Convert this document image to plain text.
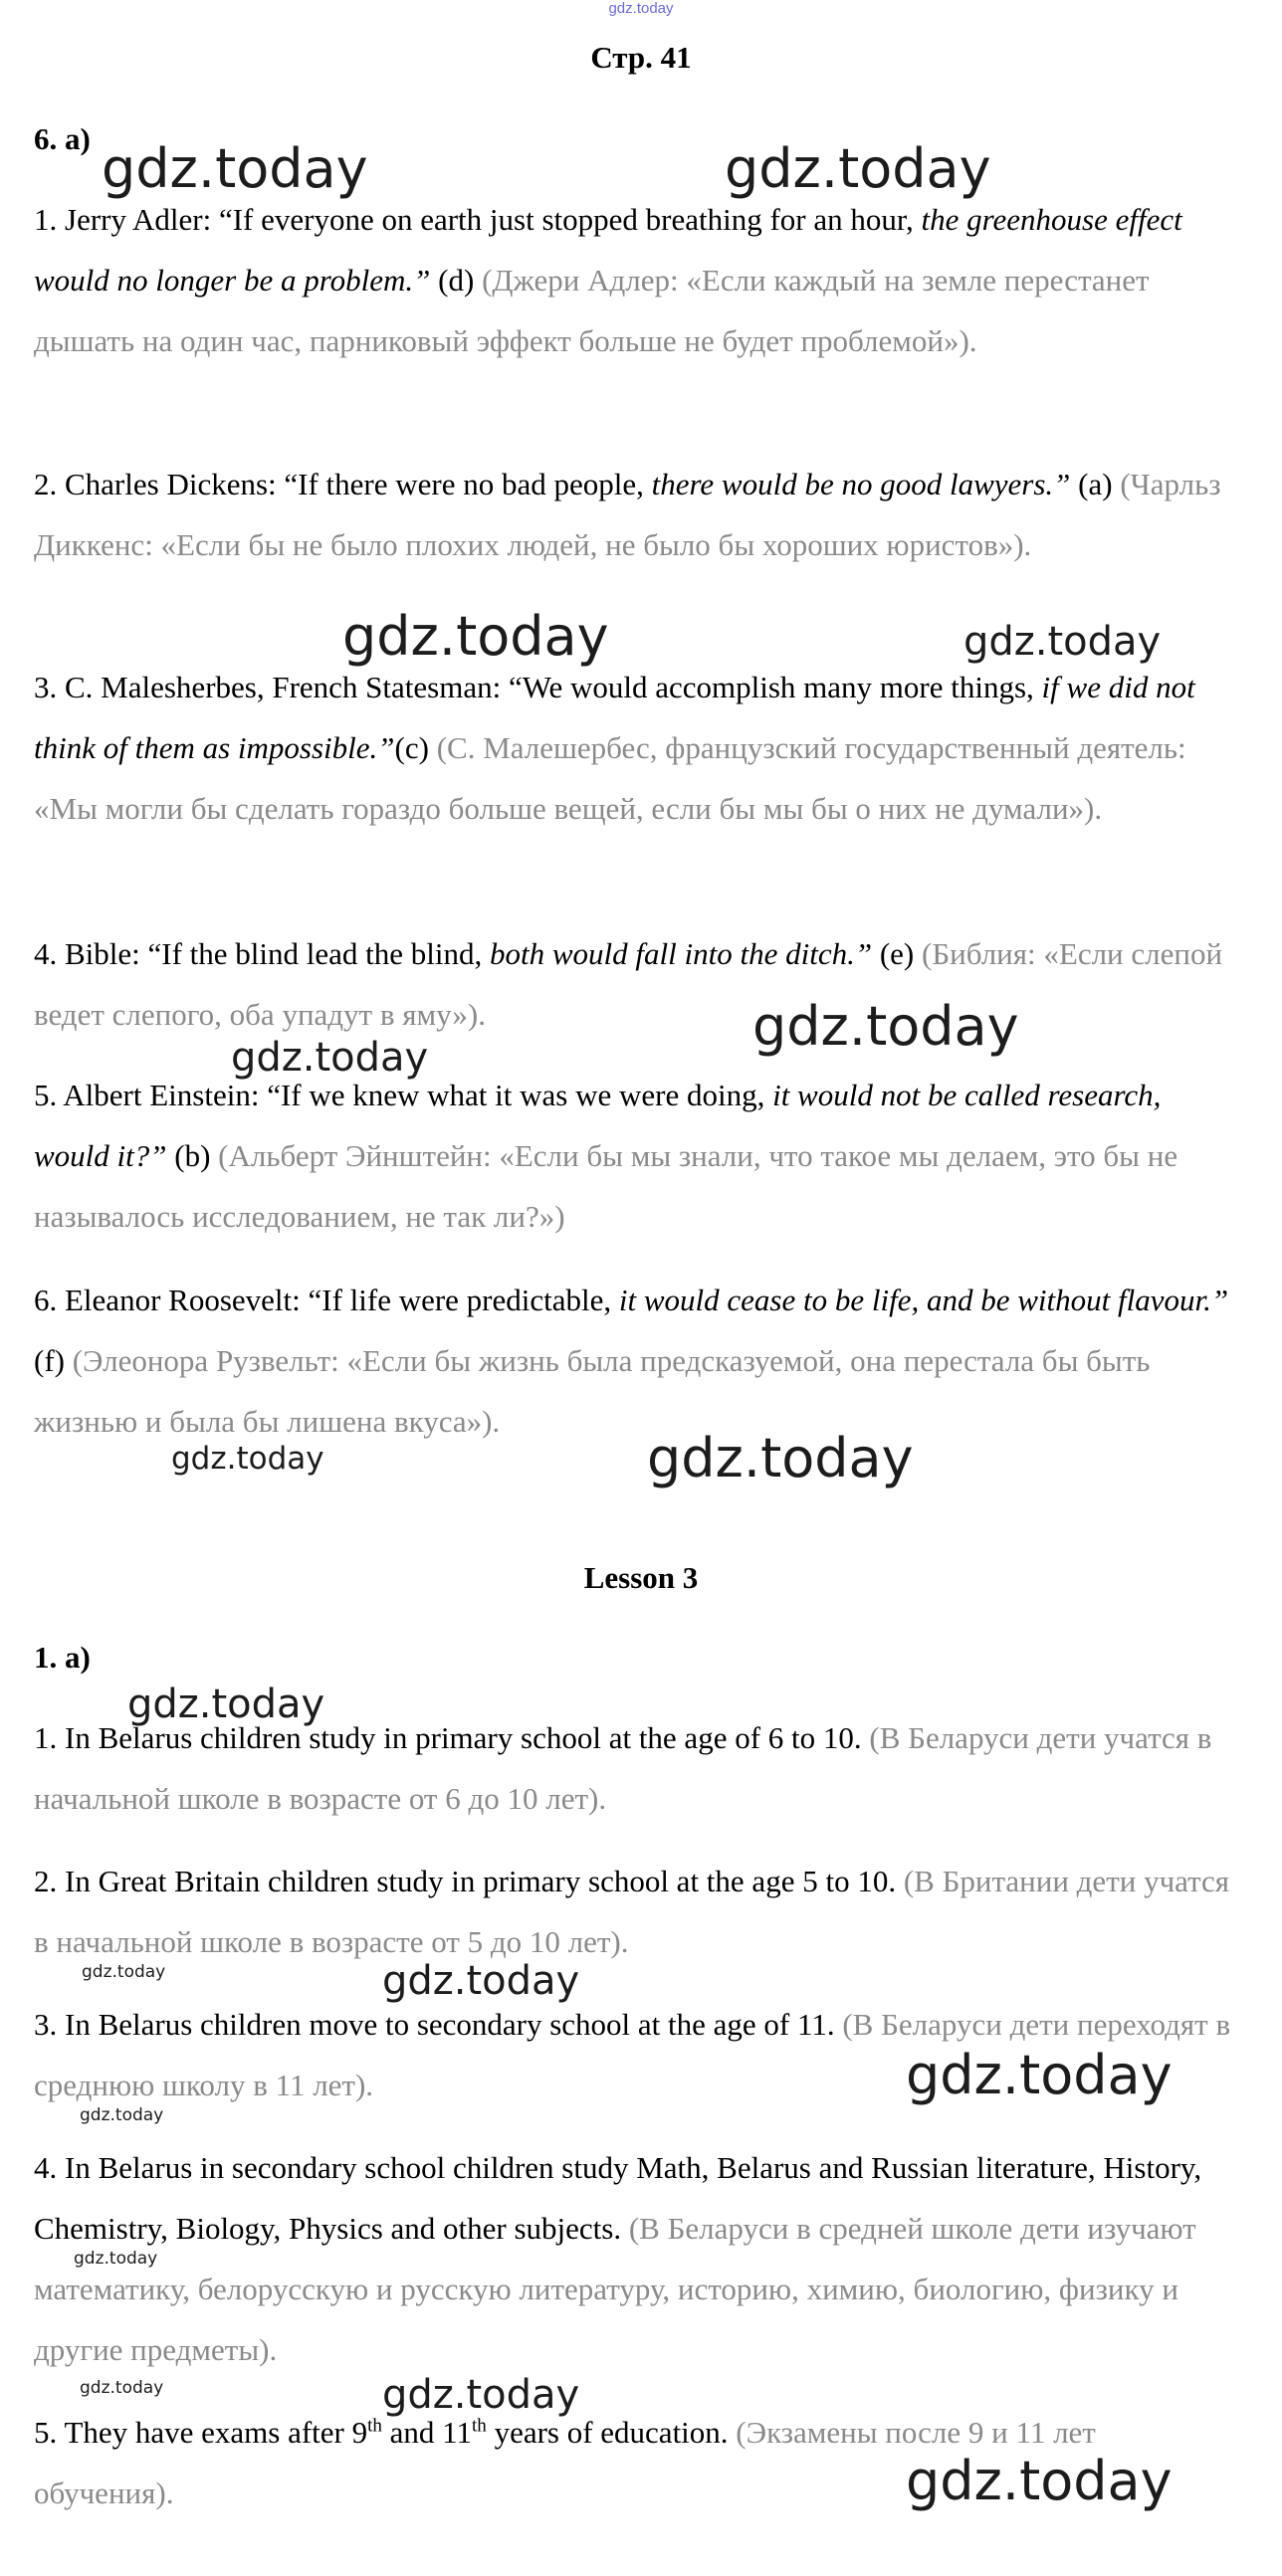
gdz.today
Стр. 41
6. a)

1. Jerry Adler: “If everyone on earth just stopped breathing for an hour, the greenhouse effect would no longer be a problem.” (d) (Джери Адлер: «Если каждый на земле перестанет дышать на один час, парниковый эффект больше не будет проблемой»).

2. Charles Dickens: “If there were no bad people, there would be no good lawyers.” (a) (Чарльз Диккенс: «Если бы не было плохих людей, не было бы хороших юристов»).

3. C. Malesherbes, French Statesman: “We would accomplish many more things, if we did not think of them as impossible.”(c) (С. Малешербес, французский государственный деятель: «Мы могли бы сделать гораздо больше вещей, если бы мы бы о них не думали»).

4. Bible: “If the blind lead the blind, both would fall into the ditch.” (e) (Библия: «Если слепой ведет слепого, оба упадут в яму»).

5. Albert Einstein: “If we knew what it was we were doing, it would not be called research, would it?” (b) (Альберт Эйнштейн: «Если бы мы знали, что такое мы делаем, это бы не называлось исследованием, не так ли?»)

6. Eleanor Roosevelt: “If life were predictable, it would cease to be life, and be without flavour.” (f) (Элеонора Рузвельт: «Если бы жизнь была предсказуемой, она перестала бы быть жизнью и была бы лишена вкуса»).

Lesson 3
1. a)

1. In Belarus children study in primary school at the age of 6 to 10. (В Беларуси дети учатся в начальной школе в возрасте от 6 до 10 лет).

2. In Great Britain children study in primary school at the age 5 to 10. (В Британии дети учатся в начальной школе в возрасте от 5 до 10 лет).

3. In Belarus children move to secondary school at the age of 11. (В Беларуси дети переходят в среднюю школу в 11 лет).

4. In Belarus in secondary school children study Math, Belarus and Russian literature, History, Chemistry, Biology, Physics and other subjects. (В Беларуси в средней школе дети изучают математику, белорусскую и русскую литературу, историю, химию, биологию, физику и другие предметы).

5. They have exams after 9th and 11th years of education. (Экзамены после 9 и 11 лет обучения).

gdz.today	gdz.today
gdz.today	gdz.today
gdz.today
gdz.today
gdz.today	gdz.today
gdz.today
gdz.today	gdz.today
gdz.today
gdz.today
gdz.today
gdz.today	gdz.today
gdz.today
